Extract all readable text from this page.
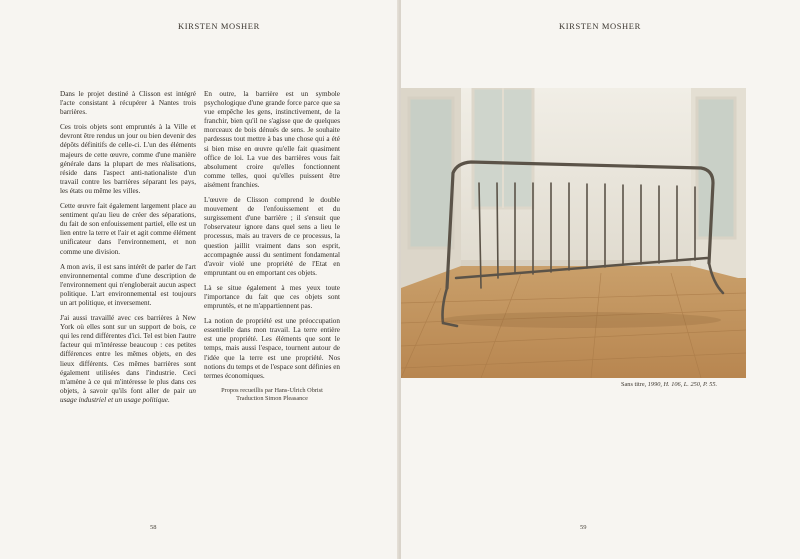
KIRSTEN MOSHER

Dans le projet destiné à Clisson est intégré l'acte consistant à récupérer à Nantes trois barrières.

Ces trois objets sont empruntés à la Ville et devront être rendus un jour ou bien devenir des dépôts définitifs de celle-ci. L'un des éléments majeurs de cette œuvre, comme d'une manière générale dans la plupart de mes réalisations, réside dans l'aspect anti-nationaliste d'un travail contre les barrières séparant les pays, les états ou même les villes.

Cette œuvre fait également largement place au sentiment qu'au lieu de créer des séparations, du fait de son enfouissement partiel, elle est un lien entre la terre et l'air et agit comme élément unificateur dans l'environnement, et non comme une division.

A mon avis, il est sans intérêt de parler de l'art environnemental comme d'une description de l'environnement qui n'engloberait aucun aspect politique. L'art environnemental est toujours un art politique, et inversement.

J'ai aussi travaillé avec ces barrières à New York où elles sont sur un support de bois, ce qui les rend différentes d'ici. Tel est bien l'autre facteur qui m'intéresse beaucoup : ces petites différences entre les mêmes objets, en des lieux différents. Ces mêmes barrières sont également utilisées dans l'industrie. Ceci m'amène à ce qui m'intéresse le plus dans ces objets, à savoir qu'ils font aller de pair un usage industriel et un usage politique.

En outre, la barrière est un symbole psychologique d'une grande force parce que sa vue empêche les gens, instinctivement, de la franchir, bien qu'il ne s'agisse que de quelques morceaux de bois dénués de sens. Je souhaite pardessus tout mettre à bas une chose qui a été si bien mise en œuvre qu'elle fait quasiment office de loi. La vue des barrières vous fait absolument croire qu'elles fonctionnent comme telles, quoi qu'elles puissent être aisément franchies.

L'œuvre de Clisson comprend le double mouvement de l'enfouissement et du surgissement d'une barrière ; il s'ensuit que l'observateur ignore dans quel sens a lieu le processus, mais au travers de ce processus, la question jaillit vraiment dans son esprit, accompagnée aussi du sentiment fondamental d'avoir violé une propriété de l'Etat en empruntant ou en emportant ces objets.

Là se situe également à mes yeux toute l'importance du fait que ces objets sont empruntés, et ne m'appartiennent pas.

La notion de propriété est une préoccupation essentielle dans mon travail. La terre entière est une propriété. Les éléments que sont le temps, mais aussi l'espace, tournent autour de l'idée que la terre est une propriété. Nos notions du temps et de l'espace sont définies en termes économiques.

Propos recueillis par Hans-Ulrich Obrist
Traduction Simon Pleasance
58
KIRSTEN MOSHER
Sans titre, 1990, H. 106, L. 250, P. 55.
59
